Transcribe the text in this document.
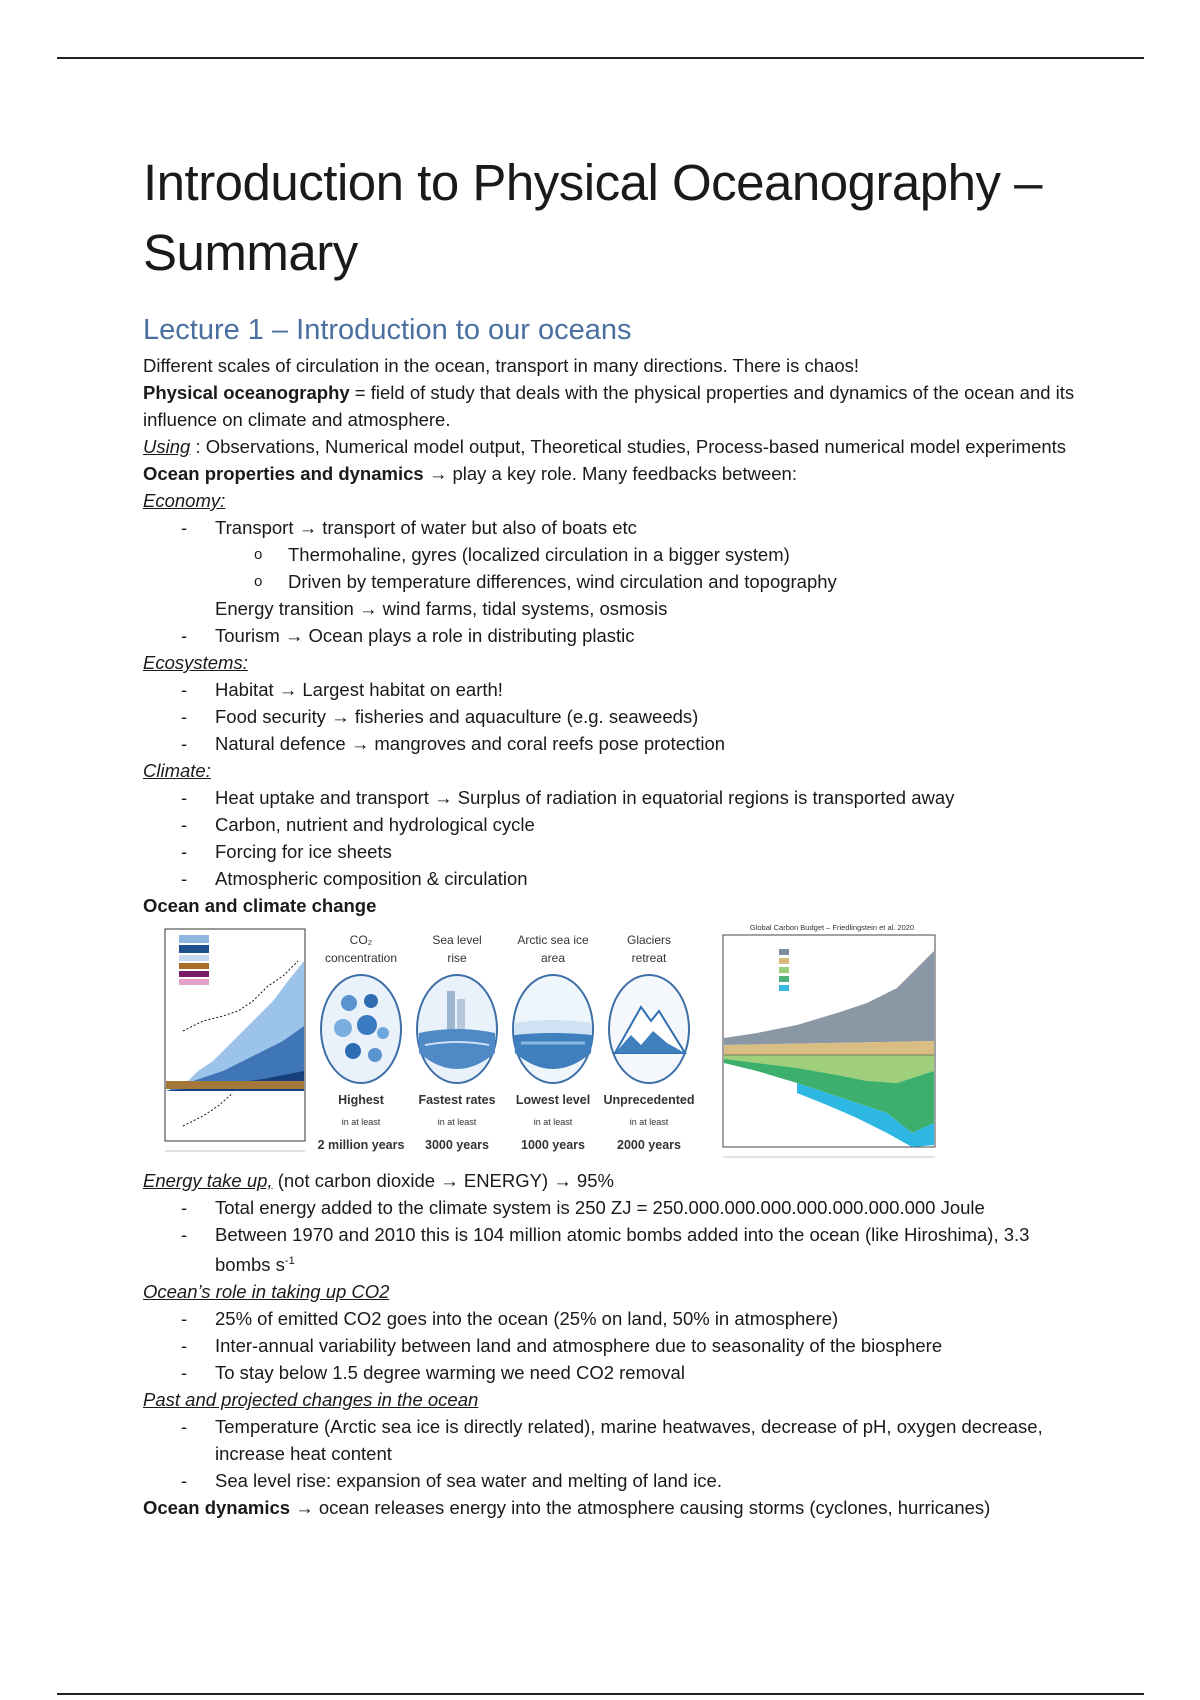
Introduction to Physical Oceanography – Summary
Lecture 1 – Introduction to our oceans

Different scales of circulation in the ocean, transport in many directions. There is chaos!

Physical oceanography = field of study that deals with the physical properties and dynamics of the ocean and its influence on climate and atmosphere.

Using : Observations, Numerical model output, Theoretical studies, Process-based numerical model experiments

Ocean properties and dynamics → play a key role. Many feedbacks between:

Economy:

- Transport → transport of water but also of boats etc
o Thermohaline, gyres (localized circulation in a bigger system)
o Driven by temperature differences, wind circulation and topography
Energy transition → wind farms, tidal systems, osmosis
- Tourism → Ocean plays a role in distributing plastic

Ecosystems:

- Habitat → Largest habitat on earth!
- Food security → fisheries and aquaculture (e.g. seaweeds)
- Natural defence → mangroves and coral reefs pose protection

Climate:

- Heat uptake and transport → Surplus of radiation in equatorial regions is transported away
- Carbon, nutrient and hydrological cycle
- Forcing for ice sheets
- Atmospheric composition & circulation

Ocean and climate change

CO₂
concentration
Highest
in at least
2 million years
Sea level
rise
Fastest rates
in at least
3000 years
Arctic sea ice
area
Lowest level
in at least
1000 years
Glaciers
retreat
Unprecedented
in at least
2000 years
Global Carbon Budget – Friedlingstein et al. 2020

Energy take up, (not carbon dioxide → ENERGY) → 95%

- Total energy added to the climate system is 250 ZJ = 250.000.000.000.000.000.000.000 Joule
- Between 1970 and 2010 this is 104 million atomic bombs added into the ocean (like Hiroshima), 3.3 bombs $s^{-1}$

Ocean’s role in taking up CO2

- 25% of emitted CO2 goes into the ocean (25% on land, 50% in atmosphere)
- Inter-annual variability between land and atmosphere due to seasonality of the biosphere
- To stay below 1.5 degree warming we need CO2 removal

Past and projected changes in the ocean

- Temperature (Arctic sea ice is directly related), marine heatwaves, decrease of pH, oxygen decrease, increase heat content
- Sea level rise: expansion of sea water and melting of land ice.

Ocean dynamics → ocean releases energy into the atmosphere causing storms (cyclones, hurricanes)
